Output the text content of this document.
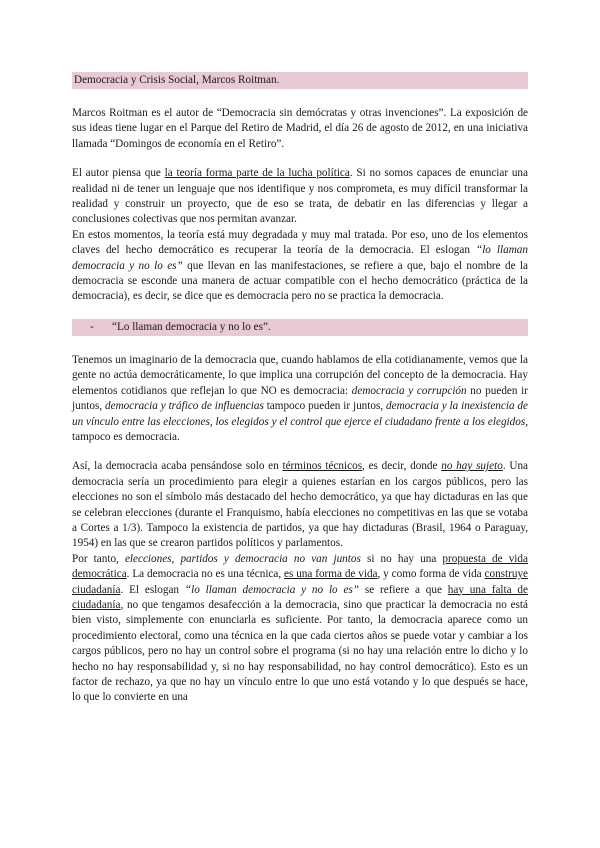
Democracia y Crisis Social, Marcos Roitman.

Marcos Roitman es el autor de “Democracia sin demócratas y otras invenciones”. La exposición de sus ideas tiene lugar en el Parque del Retiro de Madrid, el día 26 de agosto de 2012, en una iniciativa llamada “Domingos de economía en el Retiro”.

El autor piensa que la teoría forma parte de la lucha política. Si no somos capaces de enunciar una realidad ni de tener un lenguaje que nos identifique y nos comprometa, es muy difícil transformar la realidad y construir un proyecto, que de eso se trata, de debatir en las diferencias y llegar a conclusiones colectivas que nos permitan avanzar.

En estos momentos, la teoría está muy degradada y muy mal tratada. Por eso, uno de los elementos claves del hecho democrático es recuperar la teoría de la democracia. El eslogan “lo llaman democracia y no lo es” que llevan en las manifestaciones, se refiere a que, bajo el nombre de la democracia se esconde una manera de actuar compatible con el hecho democrático (práctica de la democracia), es decir, se dice que es democracia pero no se practica la democracia.

- “Lo llaman democracia y no lo es”.

Tenemos un imaginario de la democracia que, cuando hablamos de ella cotidianamente, vemos que la gente no actúa democráticamente, lo que implica una corrupción del concepto de la democracia. Hay elementos cotidianos que reflejan lo que NO es democracia: democracia y corrupción no pueden ir juntos, democracia y tráfico de influencias tampoco pueden ir juntos, democracia y la inexistencia de un vínculo entre las elecciones, los elegidos y el control que ejerce el ciudadano frente a los elegidos, tampoco es democracia.

Así, la democracia acaba pensándose solo en términos técnicos, es decir, donde no hay sujeto. Una democracia sería un procedimiento para elegir a quienes estarían en los cargos públicos, pero las elecciones no son el símbolo más destacado del hecho democrático, ya que hay dictaduras en las que se celebran elecciones (durante el Franquismo, había elecciones no competitivas en las que se votaba a Cortes a 1/3). Tampoco la existencia de partidos, ya que hay dictaduras (Brasil, 1964 o Paraguay, 1954) en las que se crearon partidos políticos y parlamentos.

Por tanto, elecciones, partidos y democracia no van juntos si no hay una propuesta de vida democrática. La democracia no es una técnica, es una forma de vida, y como forma de vida construye ciudadanía. El eslogan “lo llaman democracia y no lo es” se refiere a que hay una falta de ciudadanía, no que tengamos desafección a la democracia, sino que practicar la democracia no está bien visto, simplemente con enunciarla es suficiente. Por tanto, la democracia aparece como un procedimiento electoral, como una técnica en la que cada ciertos años se puede votar y cambiar a los cargos públicos, pero no hay un control sobre el programa (si no hay una relación entre lo dicho y lo hecho no hay responsabilidad y, si no hay responsabilidad, no hay control democrático). Esto es un factor de rechazo, ya que no hay un vínculo entre lo que uno está votando y lo que después se hace, lo que lo convierte en una
